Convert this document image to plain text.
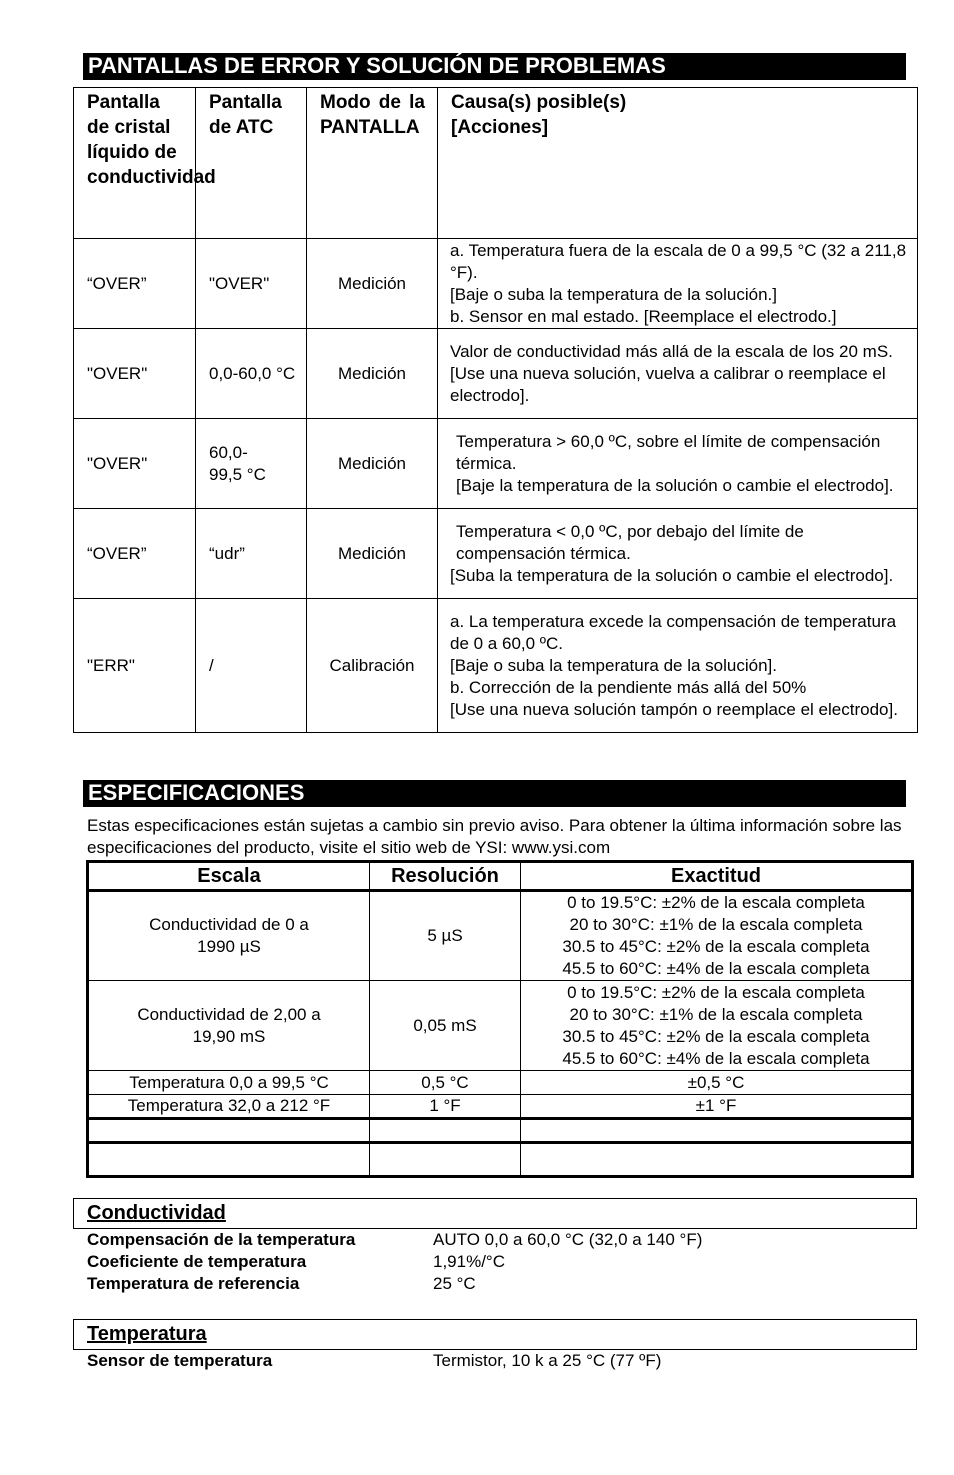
PANTALLAS DE ERROR Y SOLUCIÓN DE PROBLEMAS
Pantalla de cristal líquido de conductividad	Pantalla de ATC	Modo de la PANTALLA	Causa(s) posible(s) [Acciones]

“OVER”	"OVER"	Medición	a. Temperatura fuera de la escala de 0 a 99,5 °C (32 a 211,8 °F).
[Baje o suba la temperatura de la solución.]
b. Sensor en mal estado. [Reemplace el electrodo.]

"OVER"	0,0-60,0 °C	Medición	Valor de conductividad más allá de la escala de los 20 mS.
[Use una nueva solución, vuelva a calibrar o reemplace el electrodo].

"OVER"	60,0-99,5 °C	Medición	Temperatura > 60,0 ºC, sobre el límite de compensación térmica.
[Baje la temperatura de la solución o cambie el electrodo].

“OVER”	“udr”	Medición	Temperatura < 0,0 ºC, por debajo del límite de compensación térmica.
[Suba la temperatura de la solución o cambie el electrodo].

"ERR"	/	Calibración	a. La temperatura excede la compensación de temperatura de 0 a 60,0 ºC.
[Baje o suba la temperatura de la solución].
b. Corrección de la pendiente más allá del 50%
[Use una nueva solución tampón o reemplace el electrodo].
ESPECIFICACIONES
Estas especificaciones están sujetas a cambio sin previo aviso. Para obtener la última información sobre las especificaciones del producto, visite el sitio web de YSI: www.ysi.com
Escala	Resolución	Exactitud

Conductividad de 0 a 1990 µS	5 µS	0 to 19.5°C: ±2% de la escala completa
20 to 30°C: ±1% de la escala completa
30.5 to 45°C: ±2% de la escala completa
45.5 to 60°C: ±4% de la escala completa

Conductividad de 2,00 a 19,90 mS	0,05 mS	0 to 19.5°C: ±2% de la escala completa
20 to 30°C: ±1% de la escala completa
30.5 to 45°C: ±2% de la escala completa
45.5 to 60°C: ±4% de la escala completa

Temperatura 0,0 a 99,5 °C	0,5 °C	±0,5 °C
Temperatura 32,0 a 212 °F	1 °F	±1 °F

Conductividad
Compensación de la temperatura	AUTO 0,0 a 60,0 °C (32,0 a 140 °F)
Coeficiente de temperatura	1,91%/°C
Temperatura de referencia	25 °C
Temperatura
Sensor de temperatura	Termistor, 10 k a 25 °C (77 ºF)
